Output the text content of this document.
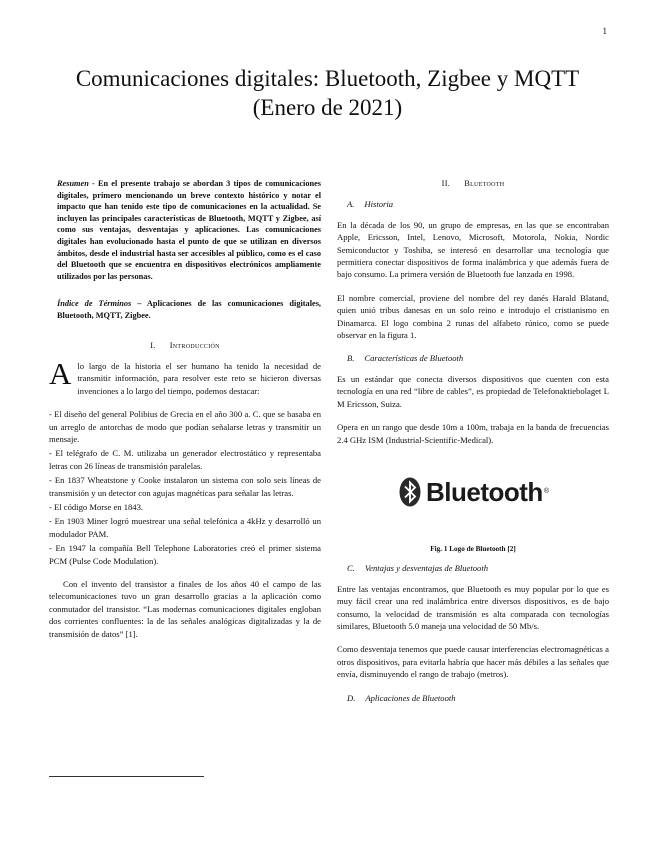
1
Comunicaciones digitales: Bluetooth, Zigbee y MQTT
(Enero de 2021)

Resumen - En el presente trabajo se abordan 3 tipos de comunicaciones digitales, primero mencionando un breve contexto histórico y notar el impacto que han tenido este tipo de comunicaciones en la actualidad. Se incluyen las principales características de Bluetooth, MQTT y Zigbee, así como sus ventajas, desventajas y aplicaciones. Las comunicaciones digitales han evolucionado hasta el punto de que se utilizan en diversos ámbitos, desde el industrial hasta ser accesibles al público, como es el caso del Bluetooth que se encuentra en dispositivos electrónicos ampliamente utilizados por las personas.

Índice de Términos – Aplicaciones de las comunicaciones digitales, Bluetooth, MQTT, Zigbee.

I. Introducción

A lo largo de la historia el ser humano ha tenido la necesidad de transmitir información, para resolver este reto se hicieron diversas invenciones a lo largo del tiempo, podemos destacar:

- El diseño del general Polibius de Grecia en el año 300 a. C. que se basaba en un arreglo de antorchas de modo que podían señalarse letras y transmitir un mensaje.
- El telégrafo de C. M. utilizaba un generador electrostático y representaba letras con 26 líneas de transmisión paralelas.
- En 1837 Wheatstone y Cooke instalaron un sistema con solo seis líneas de transmisión y un detector con agujas magnéticas para señalar las letras.
- El código Morse en 1843.
- En 1903 Miner logró muestrear una señal telefónica a 4kHz y desarrolló un modulador PAM.
- En 1947 la compañía Bell Telephone Laboratories creó el primer sistema PCM (Pulse Code Modulation).

Con el invento del transistor a finales de los años 40 el campo de las telecomunicaciones tuvo un gran desarrollo gracias a la aplicación como conmutador del transistor. “Las modernas comunicaciones digitales engloban dos corrientes confluentes: la de las señales analógicas digitalizadas y la de transmisión de datos” [1].

II. Bluetooth
A. Historia

En la década de los 90, un grupo de empresas, en las que se encontraban Apple, Ericsson, Intel, Lenovo, Microsoft, Motorola, Nokia, Nordic Semiconductor y Toshiba, se interesó en desarrollar una tecnología que permitiera conectar dispositivos de forma inalámbrica y que además fuera de bajo consumo. La primera versión de Bluetooth fue lanzada en 1998.

El nombre comercial, proviene del nombre del rey danés Harald Blatand, quien unió tribus danesas en un solo reino e introdujo el cristianismo en Dinamarca. El logo combina 2 runas del alfabeto rúnico, como se puede observar en la figura 1.

B. Características de Bluetooth

Es un estándar que conecta diversos dispositivos que cuenten con esta tecnología en una red “libre de cables”, es propiedad de Telefonaktiebolaget L M Ericsson, Suiza.

Opera en un rango que desde 10m a 100m, trabaja en la banda de frecuencias 2.4 GHz ISM (Industrial-Scientific-Medical).

Bluetooth ®
Fig. 1 Logo de Bluetooth [2]
C. Ventajas y desventajas de Bluetooth

Entre las ventajas encontramos, que Bluetooth es muy popular por lo que es muy fácil crear una red inalámbrica entre diversos dispositivos, es de bajo consumo, la velocidad de transmisión es alta comparada con tecnologías similares, Bluetooth 5.0 maneja una velocidad de 50 Mb/s.

Como desventaja tenemos que puede causar interferencias electromagnéticas a otros dispositivos, para evitarla habría que hacer más débiles a las señales que envía, disminuyendo el rango de trabajo (metros).

D. Aplicaciones de Bluetooth
